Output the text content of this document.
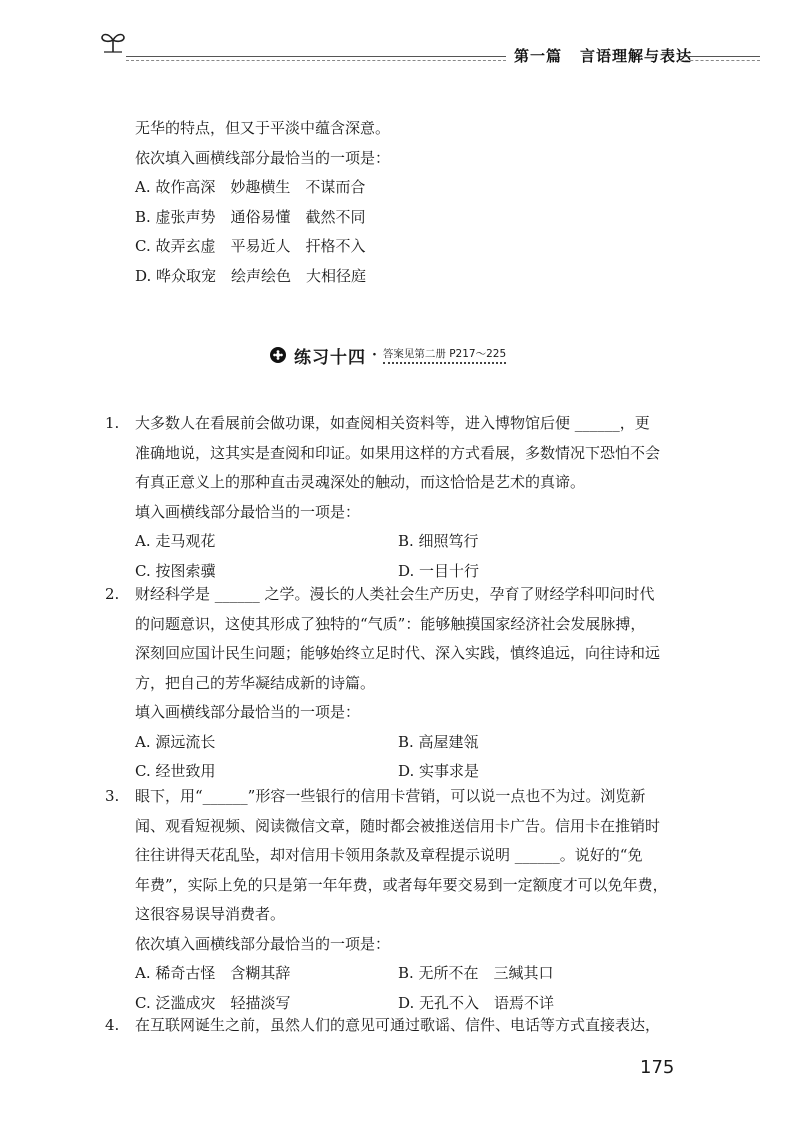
第一篇 言语理解与表达

无华的特点，但又于平淡中蕴含深意。

依次填入画横线部分最恰当的一项是：

A. 故作高深　妙趣横生　不谋而合

B. 虚张声势　通俗易懂　截然不同

C. 故弄玄虚　平易近人　扞格不入

D. 哗众取宠　绘声绘色　大相径庭

练习十四 · 答案见第二册 P217～225
1.	大多数人在看展前会做功课，如查阅相关资料等，进入博物馆后便 ______，更

准确地说，这其实是查阅和印证。如果用这样的方式看展，多数情况下恐怕不会

有真正意义上的那种直击灵魂深处的触动，而这恰恰是艺术的真谛。

填入画横线部分最恰当的一项是：

A. 走马观花	B. 细照笃行
C. 按图索骥	D. 一目十行
2.	财经科学是 ______ 之学。漫长的人类社会生产历史，孕育了财经学科叩问时代

的问题意识，这使其形成了独特的“气质”：能够触摸国家经济社会发展脉搏，

深刻回应国计民生问题；能够始终立足时代、深入实践，慎终追远，向往诗和远

方，把自己的芳华凝结成新的诗篇。

填入画横线部分最恰当的一项是：

A. 源远流长	B. 高屋建瓴
C. 经世致用	D. 实事求是
3.	眼下，用“______”形容一些银行的信用卡营销，可以说一点也不为过。浏览新

闻、观看短视频、阅读微信文章，随时都会被推送信用卡广告。信用卡在推销时

往往讲得天花乱坠，却对信用卡领用条款及章程提示说明 ______。说好的“免

年费”，实际上免的只是第一年年费，或者每年要交易到一定额度才可以免年费，

这很容易误导消费者。

依次填入画横线部分最恰当的一项是：

A. 稀奇古怪　含糊其辞	B. 无所不在　三缄其口
C. 泛滥成灾　轻描淡写	D. 无孔不入　语焉不详
4.	在互联网诞生之前，虽然人们的意见可通过歌谣、信件、电话等方式直接表达，

175
